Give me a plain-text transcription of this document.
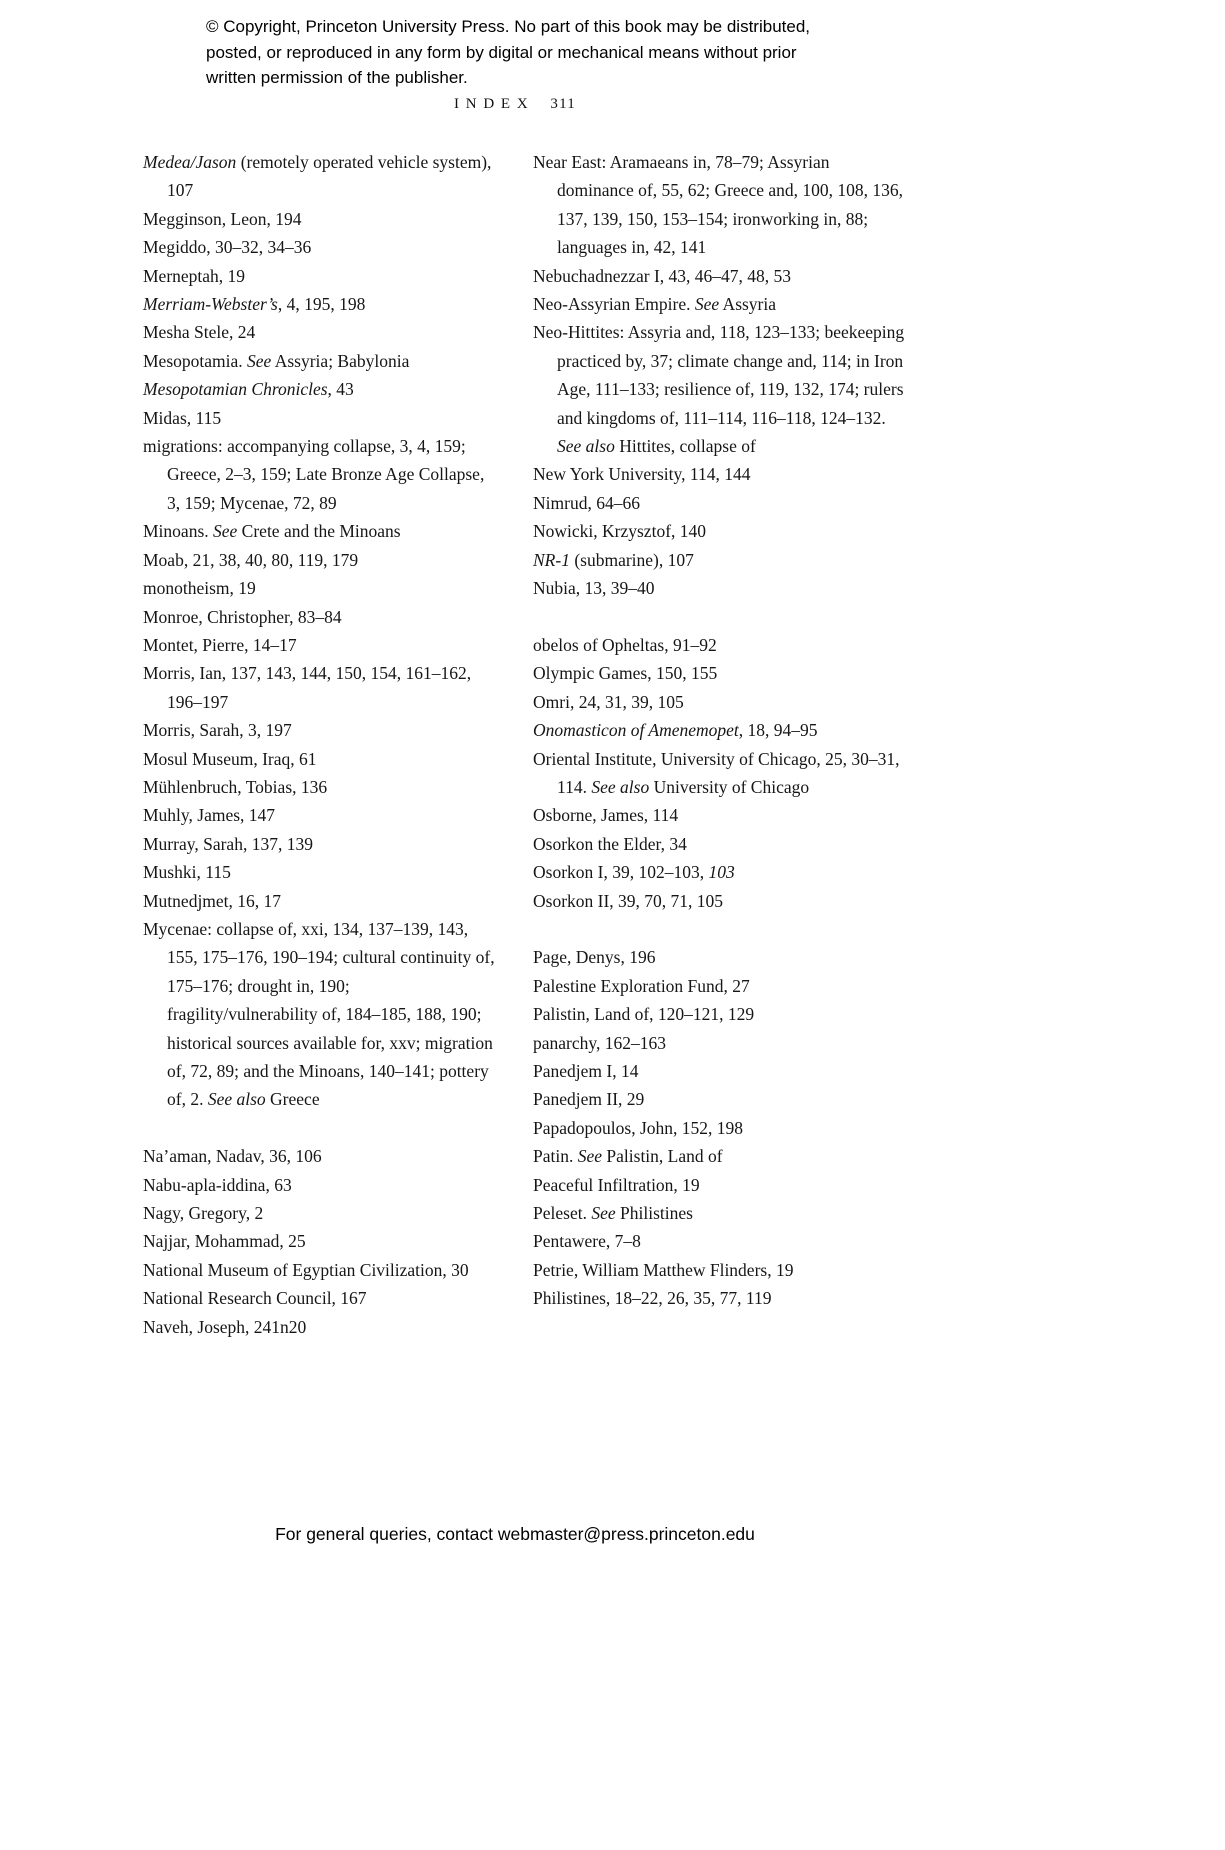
© Copyright, Princeton University Press. No part of this book may be distributed, posted, or reproduced in any form by digital or mechanical means without prior written permission of the publisher.
INDEX 311
Medea/Jason (remotely operated vehicle system), 107
Megginson, Leon, 194
Megiddo, 30–32, 34–36
Merneptah, 19
Merriam-Webster’s, 4, 195, 198
Mesha Stele, 24
Mesopotamia. See Assyria; Babylonia
Mesopotamian Chronicles, 43
Midas, 115
migrations: accompanying collapse, 3, 4, 159; Greece, 2–3, 159; Late Bronze Age Collapse, 3, 159; Mycenae, 72, 89
Minoans. See Crete and the Minoans
Moab, 21, 38, 40, 80, 119, 179
monotheism, 19
Monroe, Christopher, 83–84
Montet, Pierre, 14–17
Morris, Ian, 137, 143, 144, 150, 154, 161–162, 196–197
Morris, Sarah, 3, 197
Mosul Museum, Iraq, 61
Mühlenbruch, Tobias, 136
Muhly, James, 147
Murray, Sarah, 137, 139
Mushki, 115
Mutnedjmet, 16, 17
Mycenae: collapse of, xxi, 134, 137–139, 143, 155, 175–176, 190–194; cultural continuity of, 175–176; drought in, 190; fragility/vulnerability of, 184–185, 188, 190; historical sources available for, xxv; migration of, 72, 89; and the Minoans, 140–141; pottery of, 2. See also Greece
Na’aman, Nadav, 36, 106
Nabu-apla-iddina, 63
Nagy, Gregory, 2
Najjar, Mohammad, 25
National Museum of Egyptian Civilization, 30
National Research Council, 167
Naveh, Joseph, 241n20
Near East: Aramaeans in, 78–79; Assyrian dominance of, 55, 62; Greece and, 100, 108, 136, 137, 139, 150, 153–154; ironworking in, 88; languages in, 42, 141
Nebuchadnezzar I, 43, 46–47, 48, 53
Neo-Assyrian Empire. See Assyria
Neo-Hittites: Assyria and, 118, 123–133; beekeeping practiced by, 37; climate change and, 114; in Iron Age, 111–133; resilience of, 119, 132, 174; rulers and kingdoms of, 111–114, 116–118, 124–132. See also Hittites, collapse of
New York University, 114, 144
Nimrud, 64–66
Nowicki, Krzysztof, 140
NR-1 (submarine), 107
Nubia, 13, 39–40
obelos of Opheltas, 91–92
Olympic Games, 150, 155
Omri, 24, 31, 39, 105
Onomasticon of Amenemopet, 18, 94–95
Oriental Institute, University of Chicago, 25, 30–31, 114. See also University of Chicago
Osborne, James, 114
Osorkon the Elder, 34
Osorkon I, 39, 102–103, 103
Osorkon II, 39, 70, 71, 105
Page, Denys, 196
Palestine Exploration Fund, 27
Palistin, Land of, 120–121, 129
panarchy, 162–163
Panedjem I, 14
Panedjem II, 29
Papadopoulos, John, 152, 198
Patin. See Palistin, Land of
Peaceful Infiltration, 19
Peleset. See Philistines
Pentawere, 7–8
Petrie, William Matthew Flinders, 19
Philistines, 18–22, 26, 35, 77, 119
For general queries, contact webmaster@press.princeton.edu
